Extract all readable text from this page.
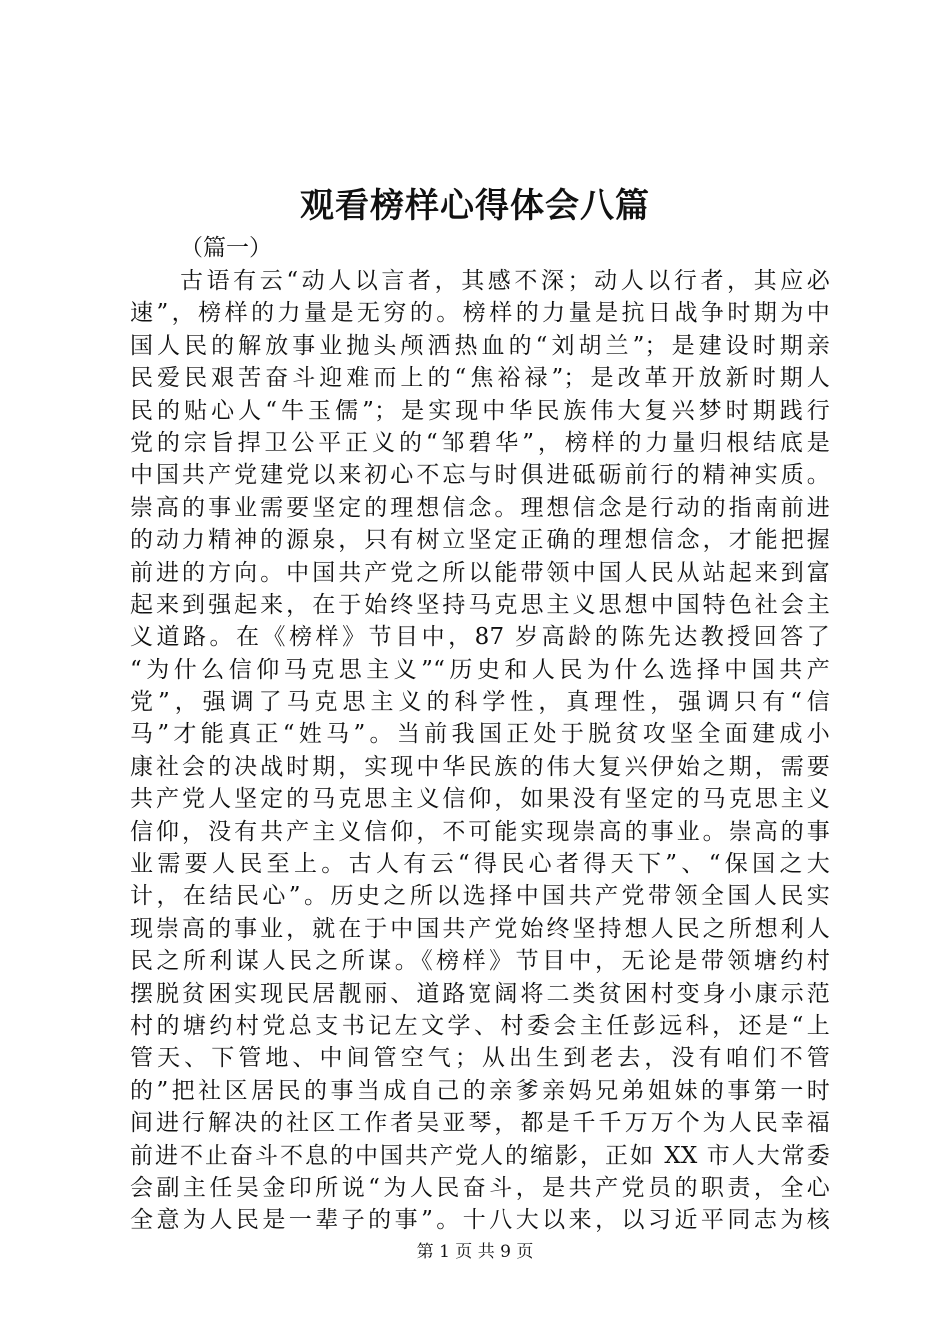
观看榜样心得体会八篇

（篇一）

古语有云“动人以言者，其感不深；动人以行者，其应必

速”，榜样的力量是无穷的。榜样的力量是抗日战争时期为中

国人民的解放事业抛头颅洒热血的“刘胡兰”；是建设时期亲

民爱民艰苦奋斗迎难而上的“焦裕禄”；是改革开放新时期人

民的贴心人“牛玉儒”；是实现中华民族伟大复兴梦时期践行

党的宗旨捍卫公平正义的“邹碧华”，榜样的力量归根结底是

中国共产党建党以来初心不忘与时俱进砥砺前行的精神实质。

崇高的事业需要坚定的理想信念。理想信念是行动的指南前进

的动力精神的源泉，只有树立坚定正确的理想信念，才能把握

前进的方向。中国共产党之所以能带领中国人民从站起来到富

起来到强起来，在于始终坚持马克思主义思想中国特色社会主

义道路。在《榜样》节目中，87 岁高龄的陈先达教授回答了

“为什么信仰马克思主义”“历史和人民为什么选择中国共产

党”，强调了马克思主义的科学性，真理性，强调只有“信

马”才能真正“姓马”。当前我国正处于脱贫攻坚全面建成小

康社会的决战时期，实现中华民族的伟大复兴伊始之期，需要

共产党人坚定的马克思主义信仰，如果没有坚定的马克思主义

信仰，没有共产主义信仰，不可能实现崇高的事业。崇高的事

业需要人民至上。古人有云“得民心者得天下”、“保国之大

计，在结民心”。历史之所以选择中国共产党带领全国人民实

现崇高的事业，就在于中国共产党始终坚持想人民之所想利人

民之所利谋人民之所谋。《榜样》节目中，无论是带领塘约村

摆脱贫困实现民居靓丽、道路宽阔将二类贫困村变身小康示范

村的塘约村党总支书记左文学、村委会主任彭远科，还是“上

管天、下管地、中间管空气；从出生到老去，没有咱们不管

的”把社区居民的事当成自己的亲爹亲妈兄弟姐妹的事第一时

间进行解决的社区工作者吴亚琴，都是千千万万个为人民幸福

前进不止奋斗不息的中国共产党人的缩影，正如 XX 市人大常委

会副主任吴金印所说“为人民奋斗，是共产党员的职责，全心

全意为人民是一辈子的事”。十八大以来，以习近平同志为核

第 1 页 共 9 页
